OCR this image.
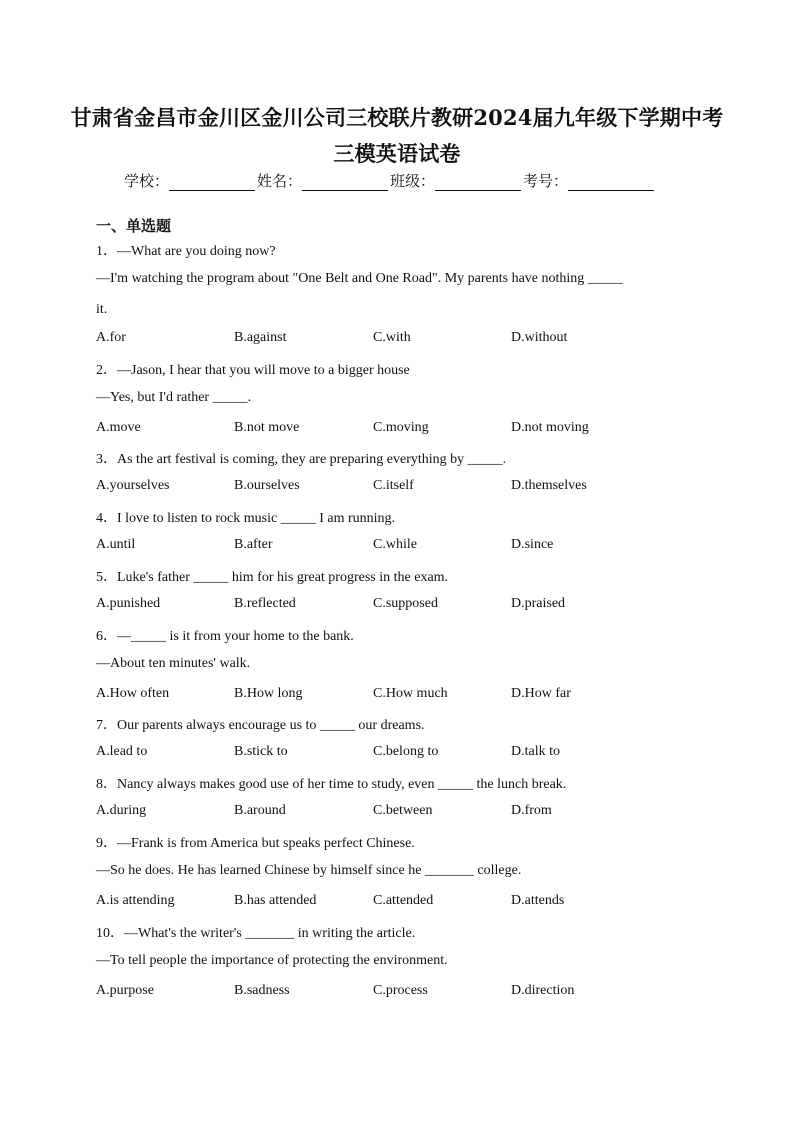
甘肃省金昌市金川区金川公司三校联片教研2024届九年级下学期中考
三模英语试卷
学校：	姓名：	班级：	考号：
一、单选题
1．—What are you doing now?
—I'm watching the program about "One Belt and One Road". My parents have nothing _____
it.
A.for	B.against	C.with	D.without
2．—Jason, I hear that you will move to a bigger house
—Yes, but I'd rather _____.
A.move	B.not move	C.moving	D.not moving
3．As the art festival is coming, they are preparing everything by _____.
A.yourselves	B.ourselves	C.itself	D.themselves
4．I love to listen to rock music _____ I am running.
A.until	B.after	C.while	D.since
5．Luke's father _____ him for his great progress in the exam.
A.punished	B.reflected	C.supposed	D.praised
6．—_____ is it from your home to the bank.
—About ten minutes' walk.
A.How often	B.How long	C.How much	D.How far
7．Our parents always encourage us to _____ our dreams.
A.lead to	B.stick to	C.belong to	D.talk to
8．Nancy always makes good use of her time to study, even _____ the lunch break.
A.during	B.around	C.between	D.from
9．—Frank is from America but speaks perfect Chinese.
—So he does. He has learned Chinese by himself since he _______ college.
A.is attending	B.has attended	C.attended	D.attends
10．—What's the writer's _______ in writing the article.
—To tell people the importance of protecting the environment.
A.purpose	B.sadness	C.process	D.direction
